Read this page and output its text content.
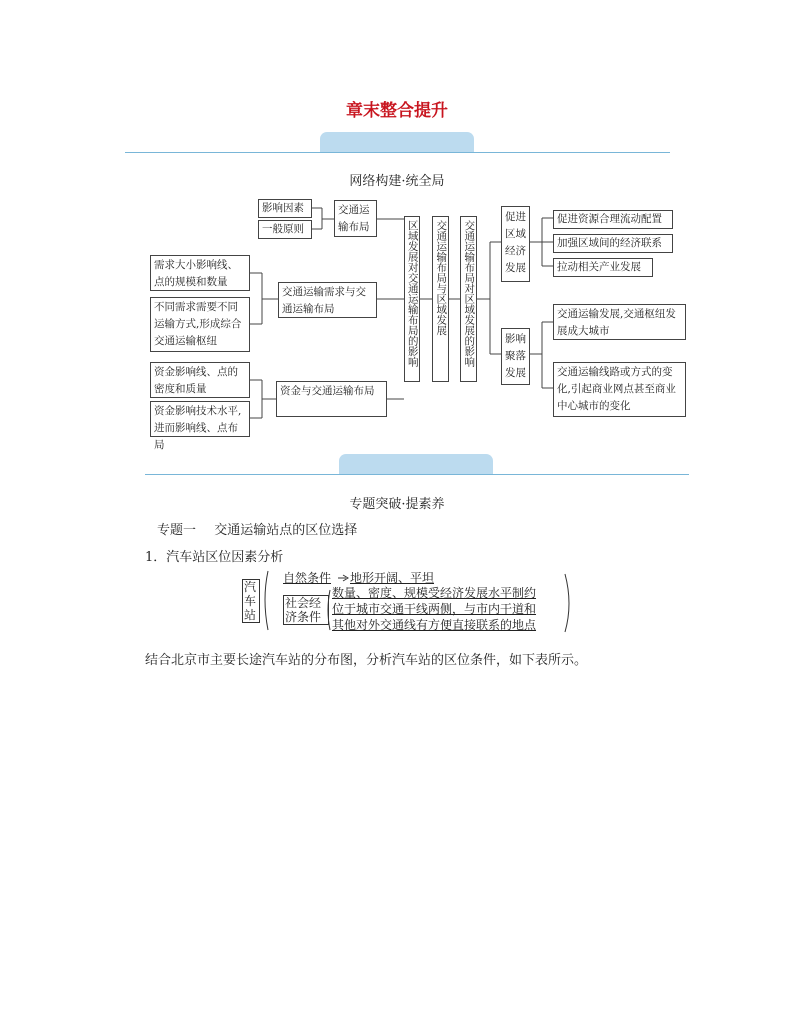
章末整合提升
网络构建·统全局
影响因素
一般原则
交通运输布局
需求大小影响线、点的规模和数量
不同需求需要不同运输方式,形成综合交通运输枢纽
交通运输需求与交通运输布局
资金影响线、点的密度和质量
资金影响技术水平,进而影响线、点布局
资金与交通运输布局
区域发展对交通运输布局的影响	交通运输布局与区域发展	交通运输布局对区域发展的影响
促进区域经济发展
促进资源合理流动配置
加强区域间的经济联系
拉动相关产业发展
影响聚落发展
交通运输发展,交通枢纽发展成大城市
交通运输线路或方式的变化,引起商业网点甚至商业中心城市的变化
专题突破·提素养
专题一 交通运输站点的区位选择
1．汽车站区位因素分析
汽车站
自然条件 地形开阔、平坦
社会经济条件
数量、密度、规模受经济发展水平制约
位于城市交通干线两侧，与市内干道和
其他对外交通线有方便直接联系的地点
结合北京市主要长途汽车站的分布图，分析汽车站的区位条件，如下表所示。
